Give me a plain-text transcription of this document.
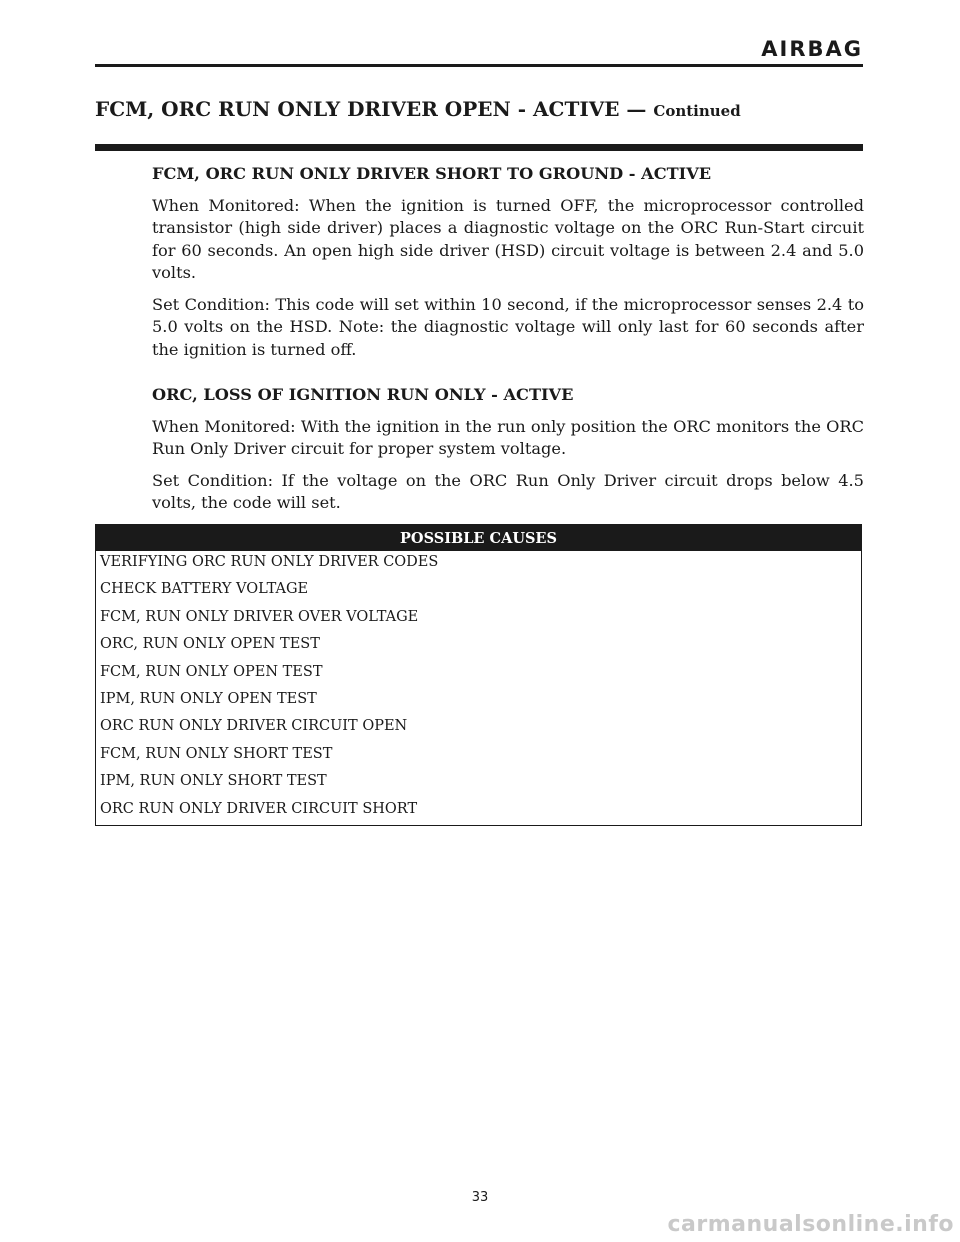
AIRBAG
FCM, ORC RUN ONLY DRIVER OPEN - ACTIVE — Continued
FCM, ORC RUN ONLY DRIVER SHORT TO GROUND - ACTIVE

When Monitored: When the ignition is turned OFF, the microprocessor controlled transistor (high side driver) places a diagnostic voltage on the ORC Run-Start circuit for 60 seconds. An open high side driver (HSD) circuit voltage is between 2.4 and 5.0 volts.

Set Condition: This code will set within 10 second, if the microprocessor senses 2.4 to 5.0 volts on the HSD. Note: the diagnostic voltage will only last for 60 seconds after the ignition is turned off.

ORC, LOSS OF IGNITION RUN ONLY - ACTIVE

When Monitored: With the ignition in the run only position the ORC monitors the ORC Run Only Driver circuit for proper system voltage.

Set Condition: If the voltage on the ORC Run Only Driver circuit drops below 4.5 volts, the code will set.

POSSIBLE CAUSES
VERIFYING ORC RUN ONLY DRIVER CODES
CHECK BATTERY VOLTAGE
FCM, RUN ONLY DRIVER OVER VOLTAGE
ORC, RUN ONLY OPEN TEST
FCM, RUN ONLY OPEN TEST
IPM, RUN ONLY OPEN TEST
ORC RUN ONLY DRIVER CIRCUIT OPEN
FCM, RUN ONLY SHORT TEST
IPM, RUN ONLY SHORT TEST
ORC RUN ONLY DRIVER CIRCUIT SHORT
33
carmanualsonline.info
